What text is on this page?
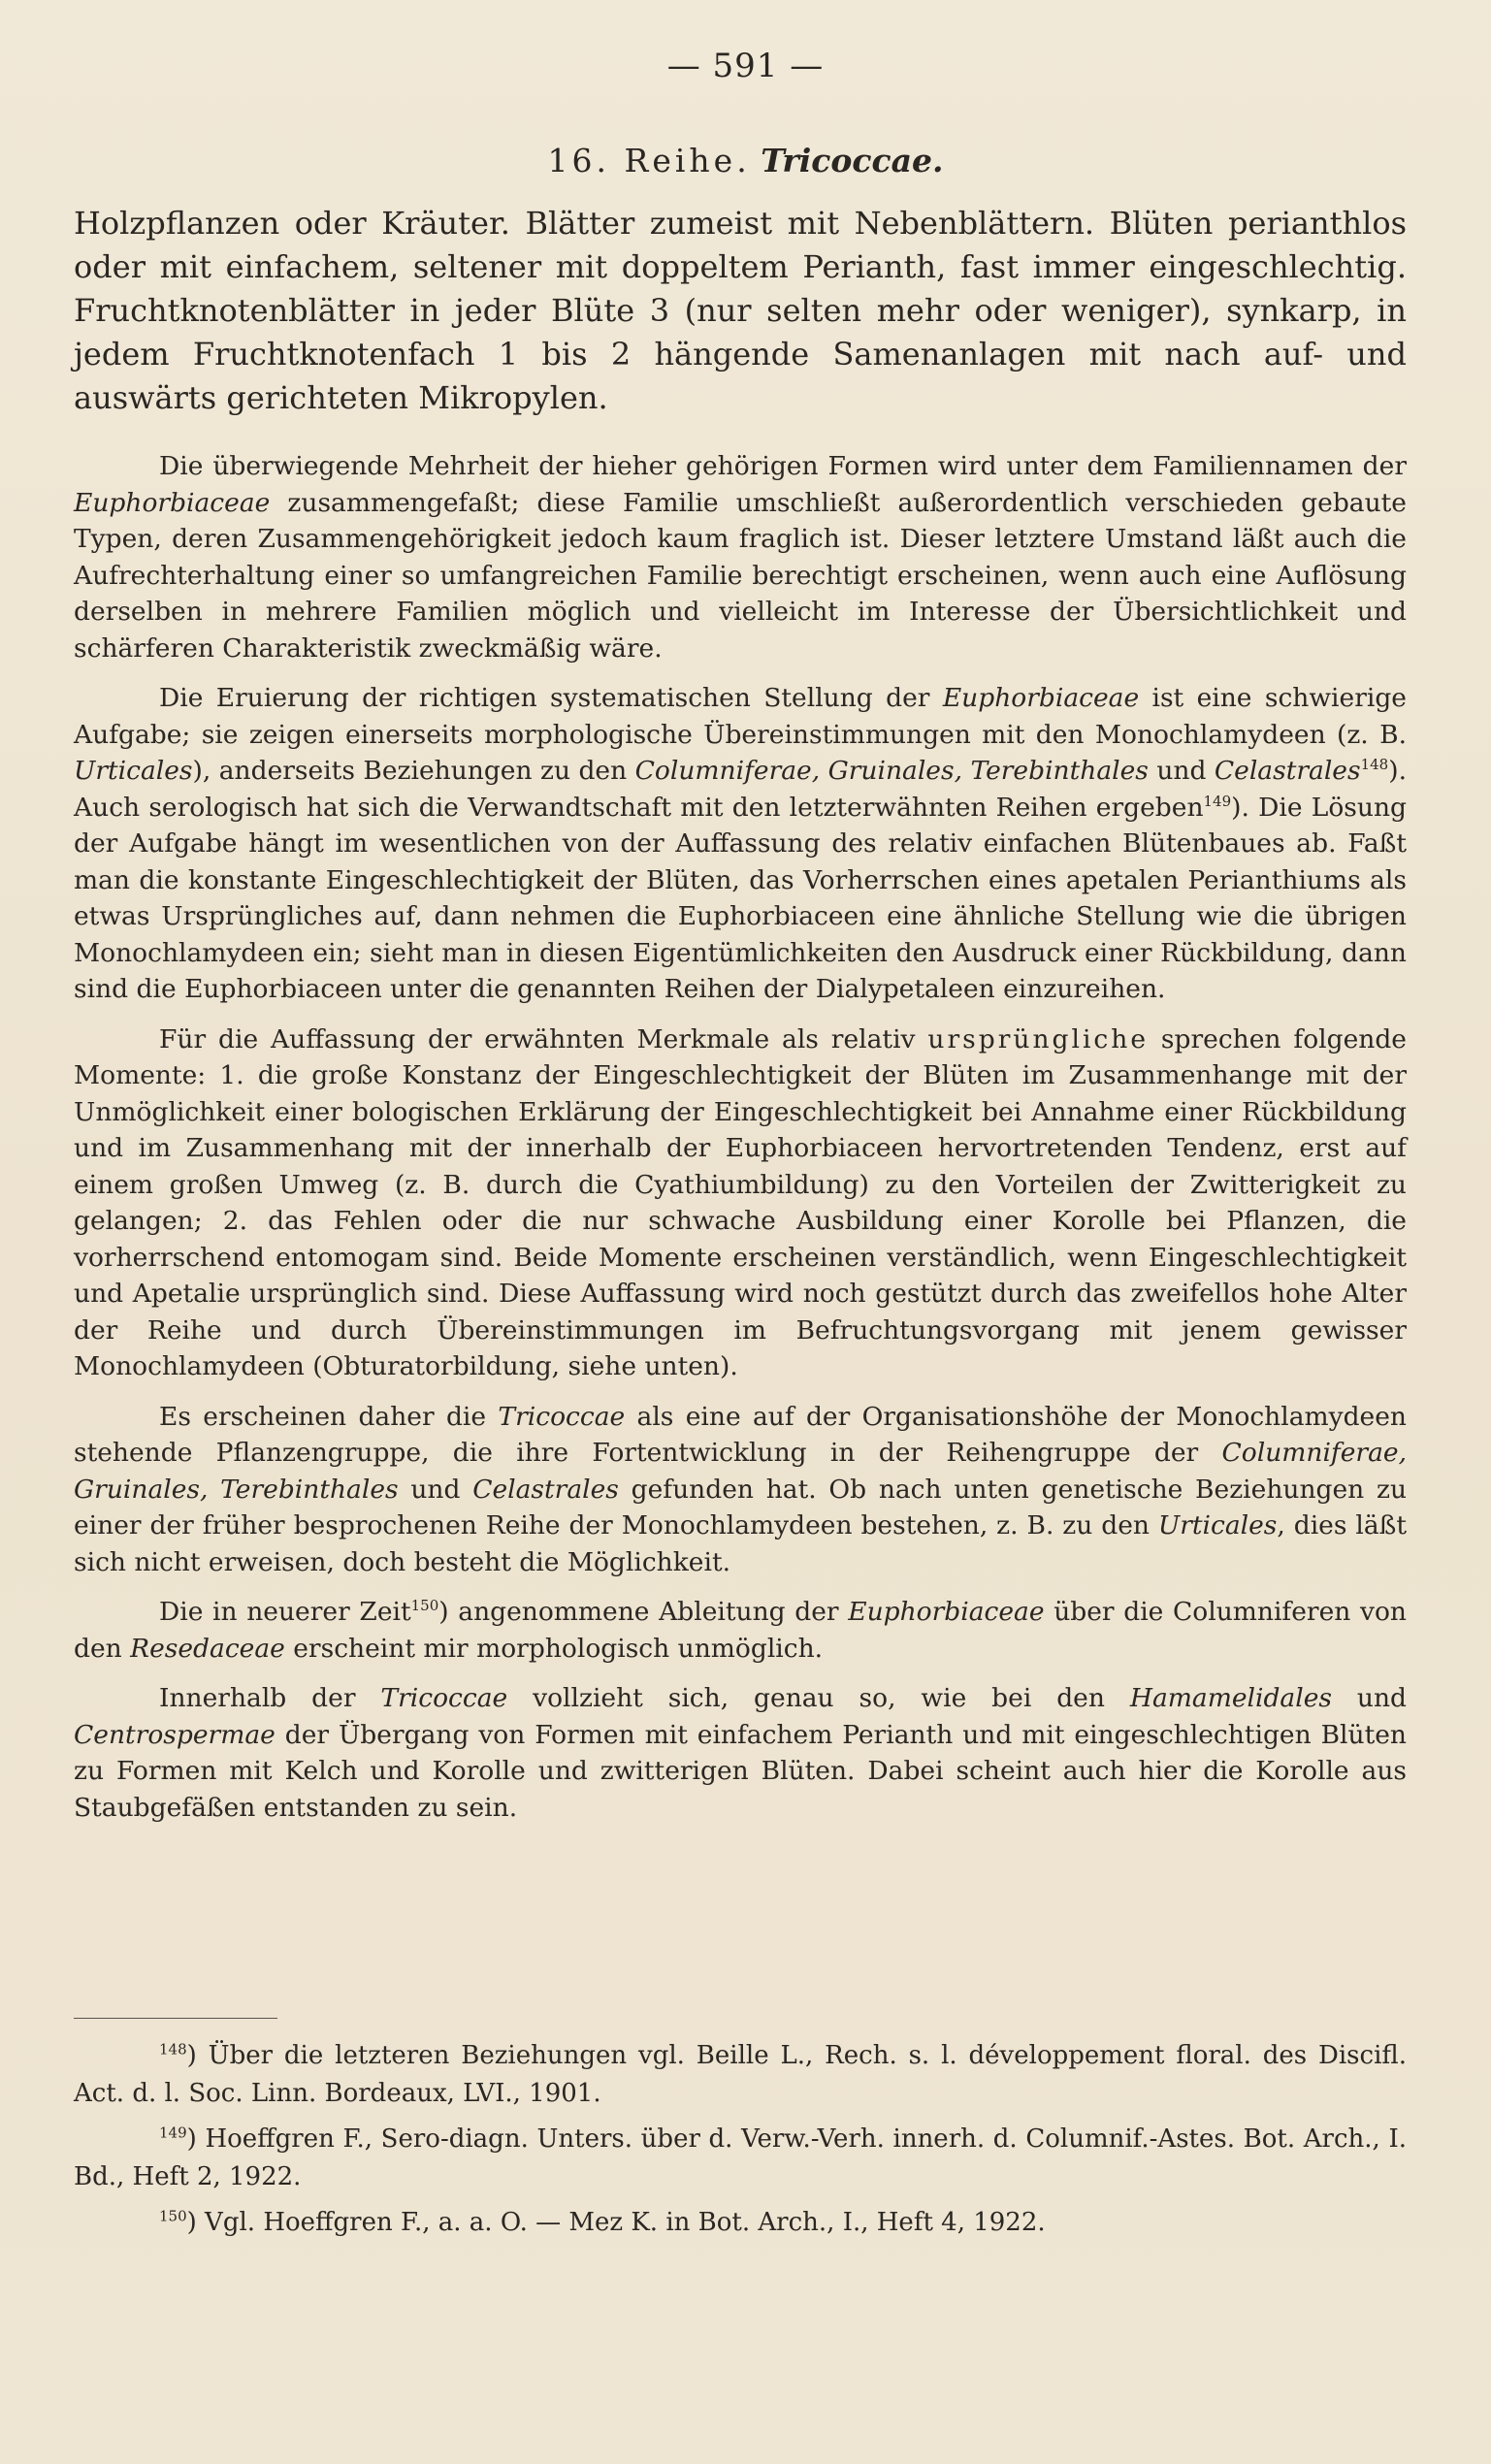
— 591 —
16. Reihe. Tricoccae.

Holzpflanzen oder Kräuter. Blätter zumeist mit Nebenblättern. Blüten perianthlos oder mit einfachem, seltener mit doppeltem Perianth, fast immer eingeschlechtig. Fruchtknotenblätter in jeder Blüte 3 (nur selten mehr oder weniger), synkarp, in jedem Fruchtknotenfach 1 bis 2 hängende Samenanlagen mit nach auf- und auswärts gerichteten Mikropylen.

Die überwiegende Mehrheit der hieher gehörigen Formen wird unter dem Familiennamen der Euphorbiaceae zusammengefaßt; diese Familie umschließt außerordentlich verschieden gebaute Typen, deren Zusammengehörigkeit jedoch kaum fraglich ist. Dieser letztere Umstand läßt auch die Aufrechterhaltung einer so umfangreichen Familie berechtigt erscheinen, wenn auch eine Auflösung derselben in mehrere Familien möglich und vielleicht im Interesse der Übersichtlichkeit und schärferen Charakteristik zweckmäßig wäre.

Die Eruierung der richtigen systematischen Stellung der Euphorbiaceae ist eine schwierige Aufgabe; sie zeigen einerseits morphologische Übereinstimmungen mit den Monochlamydeen (z. B. Urticales), anderseits Beziehungen zu den Columniferae, Gruinales, Terebinthales und Celastrales$^{148}$). Auch serologisch hat sich die Verwandtschaft mit den letzterwähnten Reihen ergeben$^{149}$). Die Lösung der Aufgabe hängt im wesentlichen von der Auffassung des relativ einfachen Blütenbaues ab. Faßt man die konstante Eingeschlechtigkeit der Blüten, das Vorherrschen eines apetalen Perianthiums als etwas Ursprüngliches auf, dann nehmen die Euphorbiaceen eine ähnliche Stellung wie die übrigen Monochlamydeen ein; sieht man in diesen Eigentümlichkeiten den Ausdruck einer Rückbildung, dann sind die Euphorbiaceen unter die genannten Reihen der Dialypetaleen einzureihen.

Für die Auffassung der erwähnten Merkmale als relativ ursprüngliche sprechen folgende Momente: 1. die große Konstanz der Eingeschlechtigkeit der Blüten im Zusammenhange mit der Unmöglichkeit einer bologischen Erklärung der Eingeschlechtigkeit bei Annahme einer Rückbildung und im Zusammenhang mit der innerhalb der Euphorbiaceen hervortretenden Tendenz, erst auf einem großen Umweg (z. B. durch die Cyathiumbildung) zu den Vorteilen der Zwitterigkeit zu gelangen; 2. das Fehlen oder die nur schwache Ausbildung einer Korolle bei Pflanzen, die vorherrschend entomogam sind. Beide Momente erscheinen verständlich, wenn Eingeschlechtigkeit und Apetalie ursprünglich sind. Diese Auffassung wird noch gestützt durch das zweifellos hohe Alter der Reihe und durch Übereinstimmungen im Befruchtungsvorgang mit jenem gewisser Monochlamydeen (Obturatorbildung, siehe unten).

Es erscheinen daher die Tricoccae als eine auf der Organisationshöhe der Monochlamydeen stehende Pflanzengruppe, die ihre Fortentwicklung in der Reihengruppe der Columniferae, Gruinales, Terebinthales und Celastrales gefunden hat. Ob nach unten genetische Beziehungen zu einer der früher besprochenen Reihe der Monochlamydeen bestehen, z. B. zu den Urticales, dies läßt sich nicht erweisen, doch besteht die Möglichkeit.

Die in neuerer Zeit$^{150}$) angenommene Ableitung der Euphorbiaceae über die Columniferen von den Resedaceae erscheint mir morphologisch unmöglich.

Innerhalb der Tricoccae vollzieht sich, genau so, wie bei den Hamamelidales und Centrospermae der Übergang von Formen mit einfachem Perianth und mit eingeschlechtigen Blüten zu Formen mit Kelch und Korolle und zwitterigen Blüten. Dabei scheint auch hier die Korolle aus Staubgefäßen entstanden zu sein.

$^{148}$) Über die letzteren Beziehungen vgl. Beille L., Rech. s. l. développement floral. des Discifl. Act. d. l. Soc. Linn. Bordeaux, LVI., 1901.

$^{149}$) Hoeffgren F., Sero-diagn. Unters. über d. Verw.-Verh. innerh. d. Columnif.-Astes. Bot. Arch., I. Bd., Heft 2, 1922.

$^{150}$) Vgl. Hoeffgren F., a. a. O. — Mez K. in Bot. Arch., I., Heft 4, 1922.
